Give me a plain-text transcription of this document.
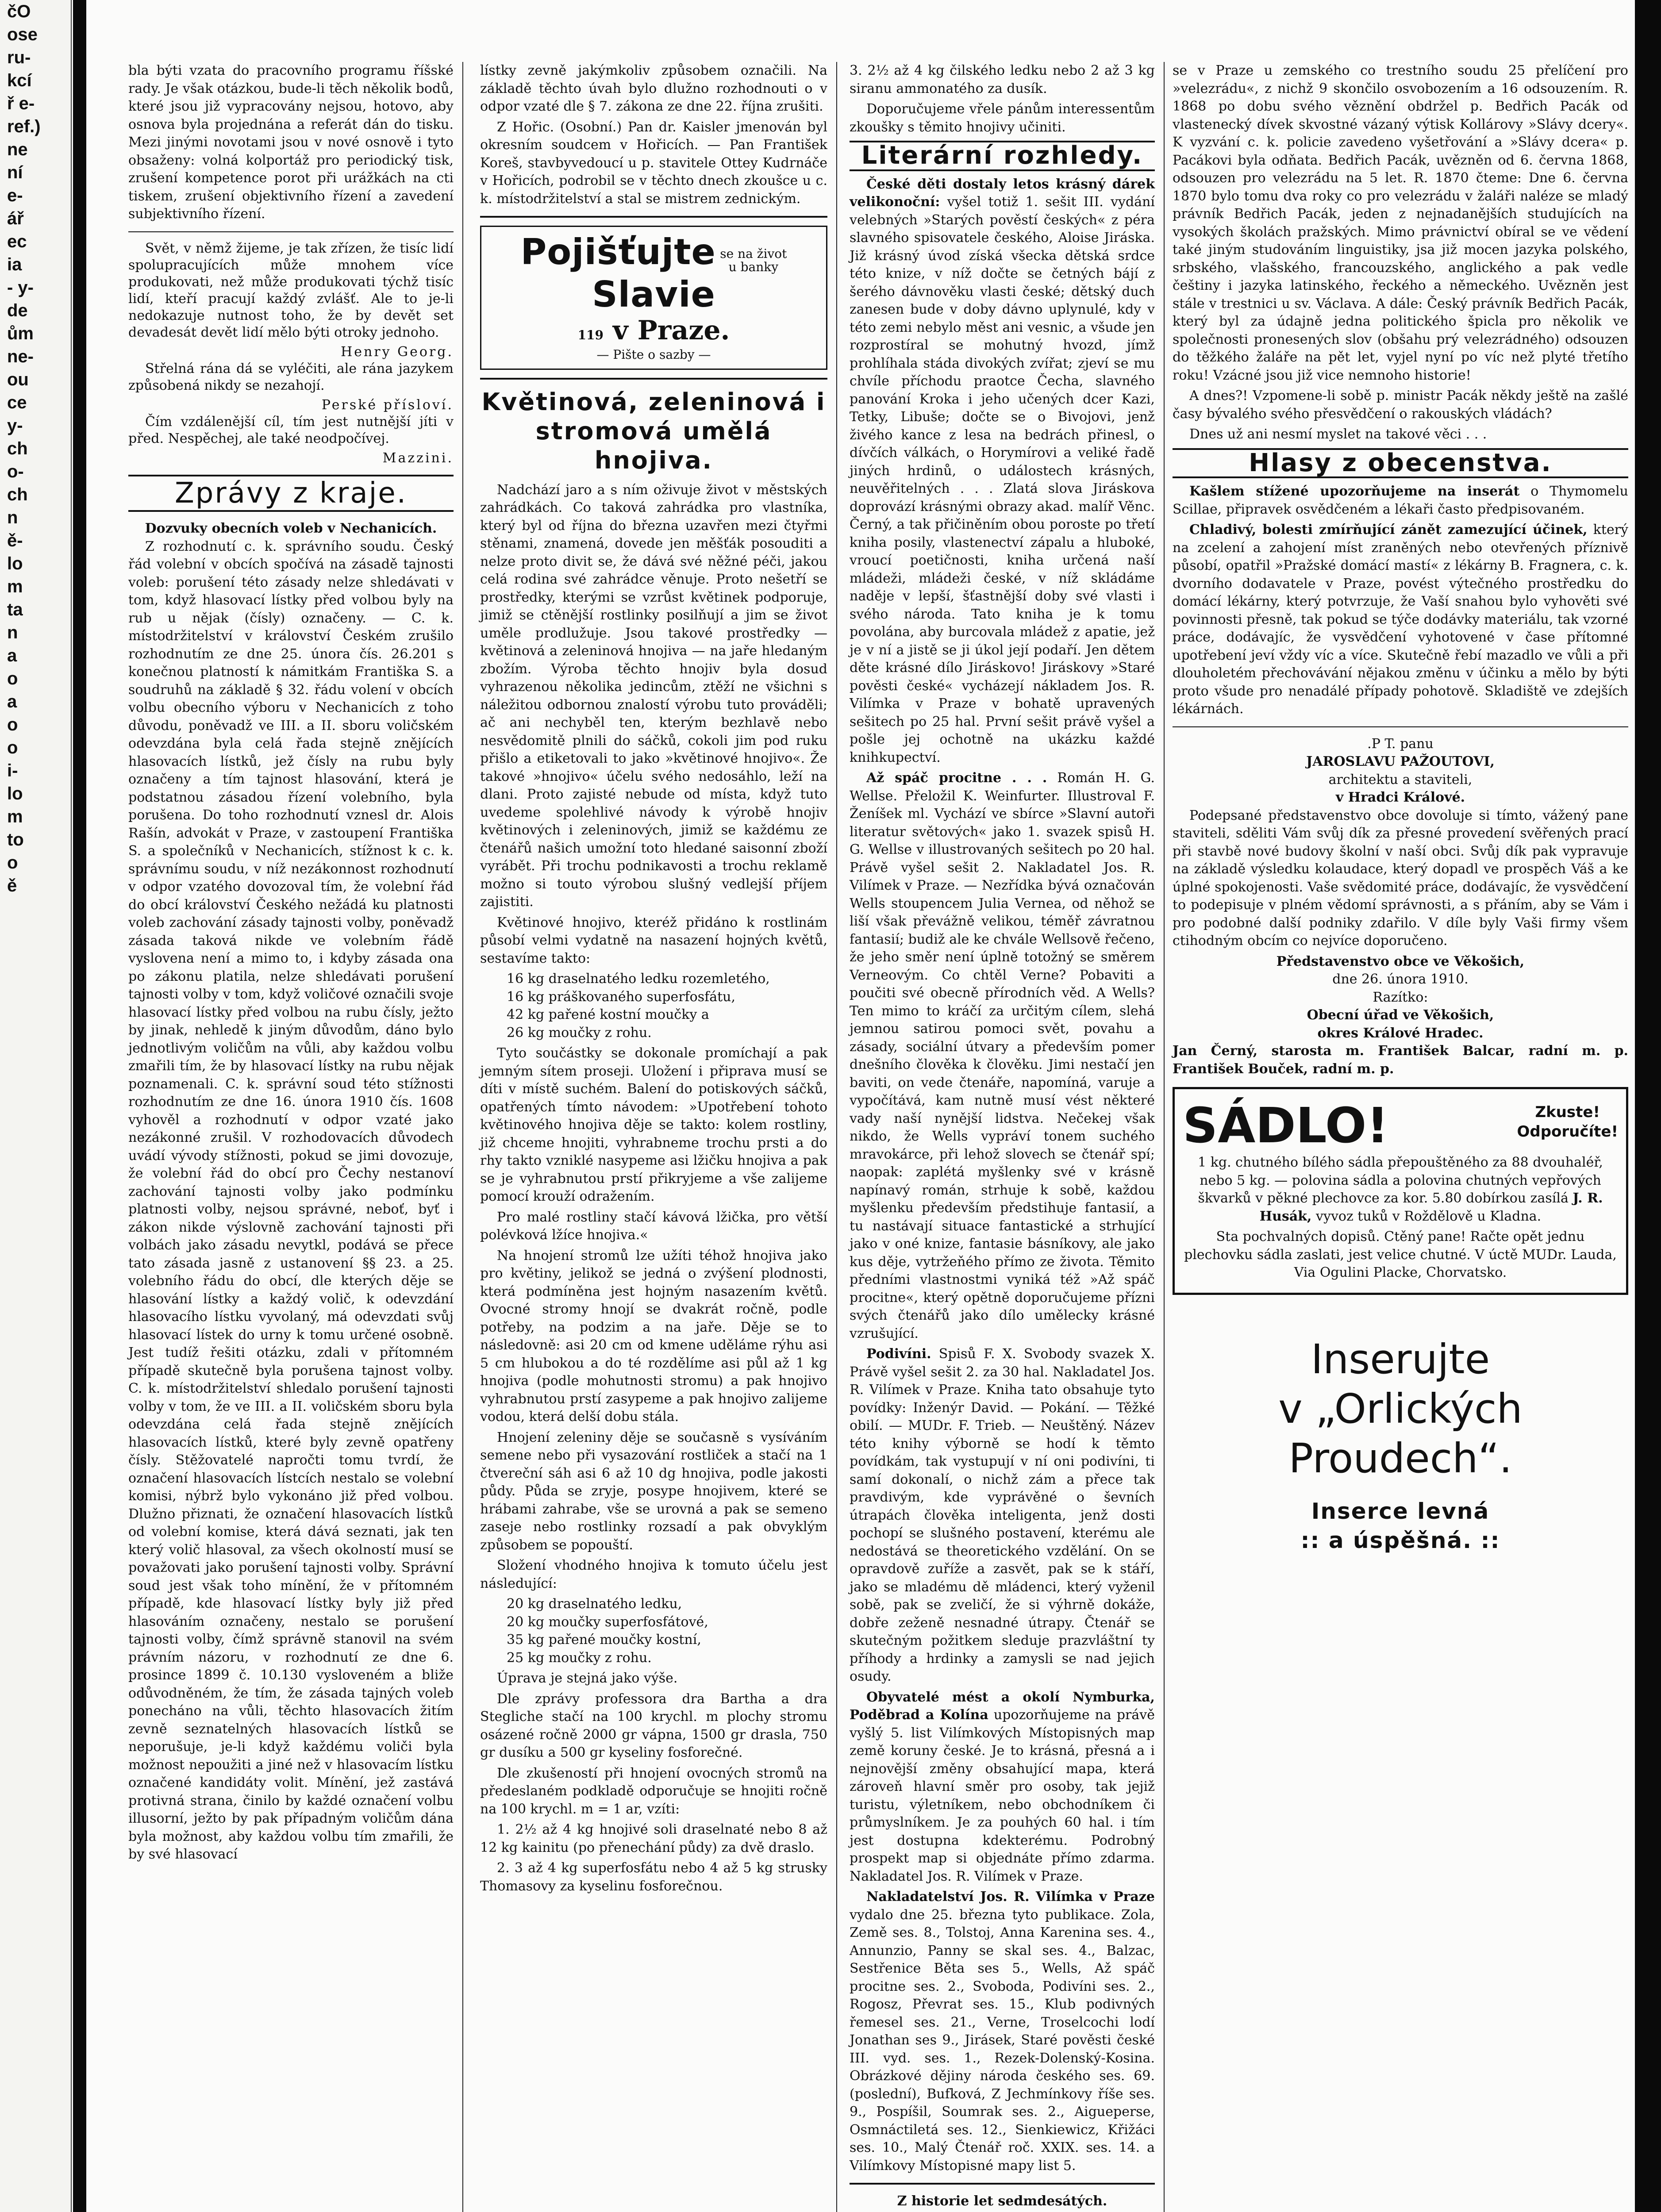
čO
ose
ru-
kcí
ř e-
ref.)
ne
ní
e-
ář
ec
ia
- y-
de
ům
ne-
ou
ce
y-
ch
o-
ch
n
ě-
lo
m
ta
n
a
o
a
o
o
i-
lo
m
to
o
ě

bla býti vzata do pracovního programu říšské rady. Je však otázkou, bude-li těch několik bodů, které jsou již vypracovány nejsou, hotovo, aby osnova byla projednána a referát dán do tisku. Mezi jinými novotami jsou v nové osnově i tyto obsaženy: volná kolportáž pro periodický tisk, zrušení kompetence porot při urážkách na cti tiskem, zrušení objektivního řízení a zavedení subjektivního řízení.

Svět, v němž žijeme, je tak zřízen, že tisíc lidí spolupracujících může mnohem více produkovati, než může produkovati týchž tisíc lidí, kteří pracují každý zvlášť. Ale to je-li nedokazuje nutnost toho, že by devět set devadesát devět lidí mělo býti otroky jednoho.

Henry Georg.

Střelná rána dá se vyléčiti, ale rána jazykem způsobená nikdy se nezahojí.

Perské přísloví.

Čím vzdálenější cíl, tím jest nutnější jíti v před. Nespěchej, ale také neodpočívej.

Mazzini.
Zprávy z kraje.
Dozvuky obecních voleb v Nechanicích.

Z rozhodnutí c. k. správního soudu. Český řád volební v obcích spočívá na zásadě tajnosti voleb: porušení této zásady nelze shledávati v tom, když hlasovací lístky před volbou byly na rub u nějak (čísly) označeny. — C. k. místodržitelství v království Českém zrušilo rozhodnutím ze dne 25. února čís. 26.201 s konečnou platností k námitkám Františka S. a soudruhů na základě § 32. řádu volení v obcích volbu obecního výboru v Nechanicích z toho důvodu, poněvadž ve III. a II. sboru voličském odevzdána byla celá řada stejně znějících hlasovacích lístků, jež čísly na rubu byly označeny a tím tajnost hlasování, která je podstatnou zásadou řízení volebního, byla porušena. Do toho rozhodnutí vznesl dr. Alois Rašín, advokát v Praze, v zastoupení Františka S. a společníků v Nechanicích, stížnost k c. k. správnímu soudu, v níž nezákonnost rozhodnutí v odpor vzatého dovozoval tím, že volební řád do obcí království Českého nežádá ku platnosti voleb zachování zásady tajnosti volby, poněvadž zásada taková nikde ve volebním řádě vyslovena není a mimo to, i kdyby zásada ona po zákonu platila, nelze shledávati porušení tajnosti volby v tom, když voličové označili svoje hlasovací lístky před volbou na rubu čísly, ježto by jinak, nehledě k jiným důvodům, dáno bylo jednotlivým voličům na vůli, aby každou volbu zmařili tím, že by hlasovací lístky na rubu nějak poznamenali. C. k. správní soud této stížnosti rozhodnutím ze dne 16. února 1910 čís. 1608 vyhověl a rozhodnutí v odpor vzaté jako nezákonné zrušil. V rozhodovacích důvodech uvádí vývody stížnosti, pokud se jimi dovozuje, že volební řád do obcí pro Čechy nestanoví zachování tajnosti volby jako podmínku platnosti volby, nejsou správné, neboť, byť i zákon nikde výslovně zachování tajnosti při volbách jako zásadu nevytkl, podává se přece tato zásada jasně z ustanovení §§ 23. a 25. volebního řádu do obcí, dle kterých děje se hlasování lístky a každý volič, k odevzdání hlasovacího lístku vyvolaný, má odevzdati svůj hlasovací lístek do urny k tomu určené osobně. Jest tudíž řešiti otázku, zdali v přítomném případě skutečně byla porušena tajnost volby. C. k. místodržitelství shledalo porušení tajnosti volby v tom, že ve III. a II. voličském sboru byla odevzdána celá řada stejně znějících hlasovacích lístků, které byly zevně opatřeny čísly. Stěžovatelé napročti tomu tvrdí, že označení hlasovacích lístcích nestalo se volební komisi, nýbrž bylo vykonáno již před volbou. Dlužno přiznati, že označení hlasovacích lístků od volební komise, která dává seznati, jak ten který volič hlasoval, za všech okolností musí se považovati jako porušení tajnosti volby. Správní soud jest však toho mínění, že v přítomném případě, kde hlasovací lístky byly již před hlasováním označeny, nestalo se porušení tajnosti volby, čímž správně stanovil na svém právním názoru, v rozhodnutí ze dne 6. prosince 1899 č. 10.130 vysloveném a bliže odůvodněném, že tím, že zásada tajných voleb ponecháno na vůli, těchto hlasovacích žitím zevně seznatelných hlasovacích lístků se neporušuje, je-li když každému voliči byla možnost nepoužiti a jiné než v hlasovacím lístku označené kandidáty volit. Mínění, jež zastává protivná strana, činilo by každé označení volbu illusorní, ježto by pak případným voličům dána byla možnost, aby každou volbu tím zmařili, že by své hlasovací

lístky zevně jakýmkoliv způsobem označili. Na základě těchto úvah bylo dlužno rozhodnouti o v odpor vzaté dle § 7. zákona ze dne 22. října zrušiti.

Z Hořic. (Osobní.) Pan dr. Kaisler jmenován byl okresním soudcem v Hořicích. — Pan František Koreš, stavbyvedoucí u p. stavitele Ottey Kudrnáče v Hořicích, podrobil se v těchto dnech zkoušce u c. k. místodržitelství a stal se mistrem zednickým.

Pojišťujte se na život
u banky Slavie
119 v Praze.
— Pište o sazby —
Květinová, zeleninová i stromová umělá hnojiva.

Nadchází jaro a s ním oživuje život v městských zahrádkách. Co taková zahrádka pro vlastníka, který byl od října do března uzavřen mezi čtyřmi stěnami, znamená, dovede jen měšťák posouditi a nelze proto divit se, že dává své něžné péči, jakou celá rodina své zahrádce věnuje. Proto nešetří se prostředky, kterými se vzrůst květinek podporuje, jimiž se ctěnější rostlinky posilňují a jim se život uměle prodlužuje. Jsou takové prostředky — květinová a zeleninová hnojiva — na jaře hledaným zbožím. Výroba těchto hnojiv byla dosud vyhrazenou několika jedincům, ztěží ne všichni s náležitou odbornou znalostí výrobu tuto prováděli; ač ani nechyběl ten, kterým bezhlavě nebo nesvědomitě plnili do sáčků, cokoli jim pod ruku přišlo a etiketovali to jako »květinové hnojivo«. Že takové »hnojivo« účelu svého nedosáhlo, leží na dlani. Proto zajisté nebude od místa, když tuto uvedeme spolehlivé návody k výrobě hnojiv květinových i zeleninových, jimiž se každému ze čtenářů našich umožní toto hledané saisonní zboží vyrábět. Při trochu podnikavosti a trochu reklamě možno si touto výrobou slušný vedlejší příjem zajistiti.

Květinové hnojivo, kteréž přidáno k rostlinám působí velmi vydatně na nasazení hojných květů, sestavíme takto:

16 kg draselnatého ledku rozemletého,
16 kg práškovaného superfosfátu,
42 kg pařené kostní moučky a
26 kg moučky z rohu.

Tyto součástky se dokonale promíchají a pak jemným sítem proseji. Uložení i připrava musí se díti v místě suchém. Balení do potiskových sáčků, opatřených tímto návodem: »Upotřebení tohoto květinového hnojiva děje se takto: kolem rostliny, již chceme hnojiti, vyhrabneme trochu prsti a do rhy takto vzniklé nasypeme asi lžičku hnojiva a pak se je vyhrabnutou prstí přikryjeme a vše zalijeme pomocí krouží odražením.

Pro malé rostliny stačí kávová lžička, pro větší polévková lžíce hnojiva.«

Na hnojení stromů lze užíti téhož hnojiva jako pro květiny, jelikož se jedná o zvýšení plodnosti, která podmíněna jest hojným nasazením květů. Ovocné stromy hnojí se dvakrát ročně, podle potřeby, na podzim a na jaře. Děje se to následovně: asi 20 cm od kmene uděláme rýhu asi 5 cm hlubokou a do té rozdělíme asi půl až 1 kg hnojiva (podle mohutnosti stromu) a pak hnojivo vyhrabnutou prstí zasypeme a pak hnojivo zalijeme vodou, která delší dobu stála.

Hnojení zeleniny děje se současně s vysíváním semene nebo při vysazování rostliček a stačí na 1 čtvereční sáh asi 6 až 10 dg hnojiva, podle jakosti půdy. Půda se zryje, posype hnojivem, které se hrábami zahrabe, vše se urovná a pak se semeno zaseje nebo rostlinky rozsadí a pak obvyklým způsobem se popouští.

Složení vhodného hnojiva k tomuto účelu jest následující:

20 kg draselnatého ledku,
20 kg moučky superfosfátové,
35 kg pařené moučky kostní,
25 kg moučky z rohu.

Úprava je stejná jako výše.

Dle zprávy professora dra Bartha a dra Stegliche stačí na 100 krychl. m plochy stromu osázené ročně 2000 gr vápna, 1500 gr drasla, 750 gr dusíku a 500 gr kyseliny fosforečné.

Dle zkušeností při hnojení ovocných stromů na předeslaném podkladě odporučuje se hnojiti ročně na 100 krychl. m = 1 ar, vzíti:

1. 2½ až 4 kg hnojivé soli draselnaté nebo 8 až 12 kg kainitu (po přenechání půdy) za dvě draslo.

2. 3 až 4 kg superfosfátu nebo 4 až 5 kg strusky Thomasovy za kyselinu fosforečnou.

3. 2½ až 4 kg čilského ledku nebo 2 až 3 kg siranu ammonatého za dusík.

Doporučujeme vřele pánům interessentům zkoušky s těmito hnojivy učiniti.

Literární rozhledy.

České děti dostaly letos krásný dárek velikonoční: vyšel totiž 1. sešit III. vydání velebných »Starých pověstí českých« z péra slavného spisovatele českého, Aloise Jiráska. Již krásný úvod získá všecka dětská srdce této knize, v níž dočte se četných bájí z šerého dávnověku vlasti české; dětský duch zanesen bude v doby dávno uplynulé, kdy v této zemi nebylo měst ani vesnic, a všude jen rozprostíral se mohutný hvozd, jímž prohlíhala stáda divokých zvířat; zjeví se mu chvíle příchodu praotce Čecha, slavného panování Kroka i jeho učených dcer Kazi, Tetky, Libuše; dočte se o Bivojovi, jenž živého kance z lesa na bedrách přinesl, o dívčích válkách, o Horymírovi a veliké řadě jiných hrdinů, o událostech krásných, neuvěřitelných . . . Zlatá slova Jiráskova doprovází krásnými obrazy akad. malíř Věnc. Černý, a tak přičiněním obou poroste po třetí kniha posily, vlastenectví zápalu a hluboké, vroucí poetičnosti, kniha určená naší mládeži, mládeži české, v níž skládáme naděje v lepší, šťastnější doby své vlasti i svého národa. Tato kniha je k tomu povolána, aby burcovala mládež z apatie, jež je v ní a jistě se ji úkol její podaří. Jen dětem děte krásné dílo Jiráskovo! Jiráskovy »Staré pověsti české« vycházejí nákladem Jos. R. Vilímka v Praze v bohatě upravených sešitech po 25 hal. První sešit právě vyšel a pošle jej ochotně na ukázku každé knihkupectví.

Až spáč procitne . . . Román H. G. Wellse. Přeložil K. Weinfurter. Illustroval F. Ženíšek ml. Vychází ve sbírce »Slavní autoři literatur světových« jako 1. svazek spisů H. G. Wellse v illustrovaných sešitech po 20 hal. Právě vyšel sešit 2. Nakladatel Jos. R. Vilímek v Praze. — Nezřídka bývá označován Wells stoupencem Julia Vernea, od něhož se liší však převážně velikou, téměř závratnou fantasií; budiž ale ke chvále Wellsově řečeno, že jeho směr není úplně totožný se směrem Verneovým. Co chtěl Verne? Pobaviti a poučiti své obecně přírodních věd. A Wells? Ten mimo to kráčí za určitým cílem, slehá jemnou satirou pomoci svět, povahu a zásady, sociální útvary a především pomer dnešního člověka k člověku. Jimi nestačí jen baviti, on vede čtenáře, napomíná, varuje a vypočítává, kam nutně musí vést některé vady naší nynější lidstva. Nečekej však nikdo, že Wells vypráví tonem suchého mravokárce, při lehož slovech se čtenář spí; naopak: zaplétá myšlenky své v krásně napínavý román, strhuje k sobě, každou myšlenku především předstihuje fantasií, a tu nastávají situace fantastické a strhující jako v oné knize, fantasie básníkovy, ale jako kus děje, vytržeňého přímo ze života. Těmito předními vlastnostmi vyniká též »Až spáč procitne«, který opětně doporučujeme přízni svých čtenářů jako dílo umělecky krásné vzrušující.

Podivíni. Spisů F. X. Svobody svazek X. Právě vyšel sešit 2. za 30 hal. Nakladatel Jos. R. Vilímek v Praze. Kniha tato obsahuje tyto povídky: Inženýr David. — Pokání. — Těžké obilí. — MUDr. F. Trieb. — Neuštěný. Název této knihy výborně se hodí k těmto povídkám, tak vystupují v ní oni podivíni, ti samí dokonalí, o nichž zám a přece tak pravdivým, kde vyprávěné o ševních útrapách člověka inteligenta, jenž dosti pochopí se slušného postavení, kterému ale nedostává se theoretického vzdělání. On se opravdově zuříže a zasvět, pak se k stáří, jako se mladému dě mládenci, který vyženil sobě, pak se zveličí, že si výhrně dokáže, dobře zeženě nesnadné útrapy. Čtenář se skutečným požitkem sleduje prazvláštní ty příhody a hrdinky a zamysli se nad jejich osudy.

Obyvatelé mést a okolí Nymburka, Poděbrad a Kolína upozorňujeme na právě vyšlý 5. list Vilímkových Místopisných map země koruny české. Je to krásná, přesná a i nejnovější změny obsahující mapa, která zároveň hlavní směr pro osoby, tak jejiž turistu, výletníkem, nebo obchodníkem či průmyslníkem. Je za pouhých 60 hal. i tím jest dostupna kdekterému. Podrobný prospekt map si objednáte přímo zdarma. Nakladatel Jos. R. Vilímek v Praze.

Nakladatelství Jos. R. Vilímka v Praze vydalo dne 25. března tyto publikace. Zola, Země ses. 8., Tolstoj, Anna Karenina ses. 4., Annunzio, Panny se skal ses. 4., Balzac, Sestřenice Běta ses 5., Wells, Až spáč procitne ses. 2., Svoboda, Podivíni ses. 2., Rogosz, Převrat ses. 15., Klub podivných řemesel ses. 21., Verne, Troselcochi lodí Jonathan ses 9., Jirásek, Staré pověsti české III. vyd. ses. 1., Rezek-Dolenský-Kosina. Obrázkové dějiny národa českého ses. 69. (poslední), Bufková, Z Jechmínkovy říše ses. 9., Pospíšil, Soumrak ses. 2., Aigueperse, Osmnáctiletá ses. 12., Sienkiewicz, Křižáci ses. 10., Malý Čtenář roč. XXIX. ses. 14. a Vilímkovy Místopisné mapy list 5.

Z historie let sedmdesátých.

se v Praze u zemského co trestního soudu 25 přelíčení pro »velezrádu«, z nichž 9 skončilo osvobozením a 16 odsouzením. R. 1868 po dobu svého věznění obdržel p. Bedřich Pacák od vlastenecký dívek skvostné vázaný výtisk Kollárovy »Slávy dcery«. K vyzvání c. k. policie zavedeno vyšetřování a »Slávy dcera« p. Pacákovi byla odňata. Bedřich Pacák, uvězněn od 6. června 1868, odsouzen pro velezrádu na 5 let. R. 1870 čteme: Dne 6. června 1870 bylo tomu dva roky co pro velezrádu v žaláři naléze se mladý právník Bedřich Pacák, jeden z nejnadanějších studujících na vysokých školách pražských. Mimo právnictví obíral se ve vědení také jiným studováním linguistiky, jsa již mocen jazyka polského, srbského, vlašského, francouzského, anglického a pak vedle češtiny i jazyka latinského, řeckého a německého. Uvězněn jest stále v trestnici u sv. Václava. A dále: Český právník Bedřich Pacák, který byl za údajně jedna politického špicla pro několik ve společnosti pronesených slov (obšahu prý velezrádného) odsouzen do těžkého žaláře na pět let, vyjel nyní po víc než plyté třetího roku! Vzácné jsou již vice nemnoho historie!

A dnes?! Vzpomene-li sobě p. ministr Pacák někdy ještě na zašlé časy bývalého svého přesvědčení o rakouských vládách?

Dnes už ani nesmí myslet na takové věci . . .

Hlasy z obecenstva.

Kašlem stížené upozorňujeme na inserát o Thymomelu Scillae, připravek osvědčeném a lékaři často předpisovaném.

Chladivý, bolesti zmírňující zánět zamezující účinek, který na zcelení a zahojení míst zraněných nebo otevřených příznivě působí, opatřil »Pražské domácí mastí« z lékárny B. Fragnera, c. k. dvorního dodavatele v Praze, povést výtečného prostředku do domácí lékárny, který potvrzuje, že Vaší snahou bylo vyhověti své povinnosti přesně, tak pokud se týče dodávky materiálu, tak vzorné práce, dodávajíc, že vysvědčení vyhotovené v čase přítomné upotřebení jeví vždy víc a více. Skutečně řebí mazadlo ve vůli a při dlouholetém přechovávání nějakou změnu v účinku a mělo by býti proto všude pro nenadálé případy pohotově. Skladiště ve zdejších lékárnách.

.P T. panu
JAROSLAVU PAŽOUTOVI,
architektu a staviteli,
v Hradci Králové.

Podepsané představenstvo obce dovoluje si tímto, vážený pane staviteli, sděliti Vám svůj dík za přesné provedení svěřených prací při stavbě nové budovy školní v naší obci. Svůj dík pak vypravuje na základě výsledku kolaudace, který dopadl ve prospěch Váš a ke úplné spokojenosti. Vaše svědomité práce, dodávajíc, že vysvědčení to podepisuje v plném vědomí správnosti, a s přáním, aby se Vám i pro podobné další podniky zdařilo. V díle byly Vaši firmy všem ctihodným obcím co nejvíce doporučeno.

Představenstvo obce ve Věkošich,
dne 26. února 1910.
Razítko:
Obecní úřad ve Věkošich,
okres Králové Hradec.

Jan Černý, starosta m. František Balcar, radní m. p. František Bouček, radní m. p.

SÁDLO!	Zkuste!
Odporučíte!

1 kg. chutného bílého sádla přepouštěného za 88 dvouhaléř, nebo 5 kg. — polovina sádla a polovina chutných vepřových škvarků v pěkné plechovce za kor. 5.80 dobírkou zasílá J. R. Husák, vyvoz tuků v Roždělově u Kladna.

Sta pochvalných dopisů. Ctěný pane! Račte opět jednu plechovku sádla zaslati, jest velice chutné. V úctě MUDr. Lauda, Via Ogulini Placke, Chorvatsko.

Inserujte
v „Orlických
Proudech“.
Inserce levná
:: a úspěšná. ::
